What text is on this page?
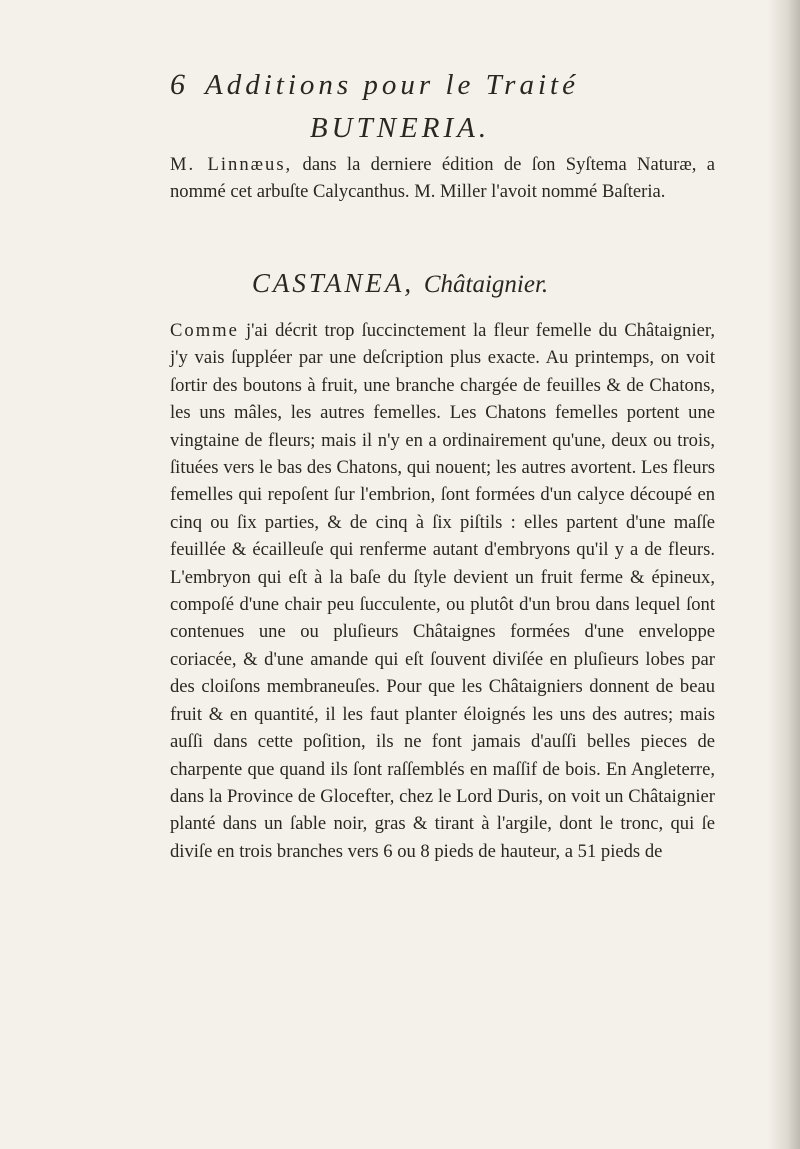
6 Additions pour le Traité
BUTNERIA.
M. Linnæus, dans la derniere édition de ſon Syſtema Naturæ, a nommé cet arbuſte Calycanthus. M. Miller l'avoit nommé Baſteria.
CASTANEA, Châtaignier.
Comme j'ai décrit trop ſuccinctement la fleur femelle du Châtaignier, j'y vais ſuppléer par une deſcription plus exacte. Au printemps, on voit ſortir des boutons à fruit, une branche chargée de feuilles & de Chatons, les uns mâles, les autres femelles. Les Chatons femelles portent une vingtaine de fleurs; mais il n'y en a ordinairement qu'une, deux ou trois, ſituées vers le bas des Chatons, qui nouent; les autres avortent. Les fleurs femelles qui repoſent ſur l'embrion, ſont formées d'un calyce découpé en cinq ou ſix parties, & de cinq à ſix piſtils : elles partent d'une maſſe feuillée & écailleuſe qui renferme autant d'embryons qu'il y a de fleurs. L'embryon qui eſt à la baſe du ſtyle devient un fruit ferme & épineux, compoſé d'une chair peu ſucculente, ou plutôt d'un brou dans lequel ſont contenues une ou pluſieurs Châtaignes formées d'une enveloppe coriacée, & d'une amande qui eſt ſouvent diviſée en pluſieurs lobes par des cloiſons membraneuſes. Pour que les Châtaigniers donnent de beau fruit & en quantité, il les faut planter éloignés les uns des autres; mais auſſi dans cette poſition, ils ne font jamais d'auſſi belles pieces de charpente que quand ils ſont raſſemblés en maſſif de bois. En Angleterre, dans la Province de Glocefter, chez le Lord Duris, on voit un Châtaignier planté dans un ſable noir, gras & tirant à l'argile, dont le tronc, qui ſe diviſe en trois branches vers 6 ou 8 pieds de hauteur, a 51 pieds de
